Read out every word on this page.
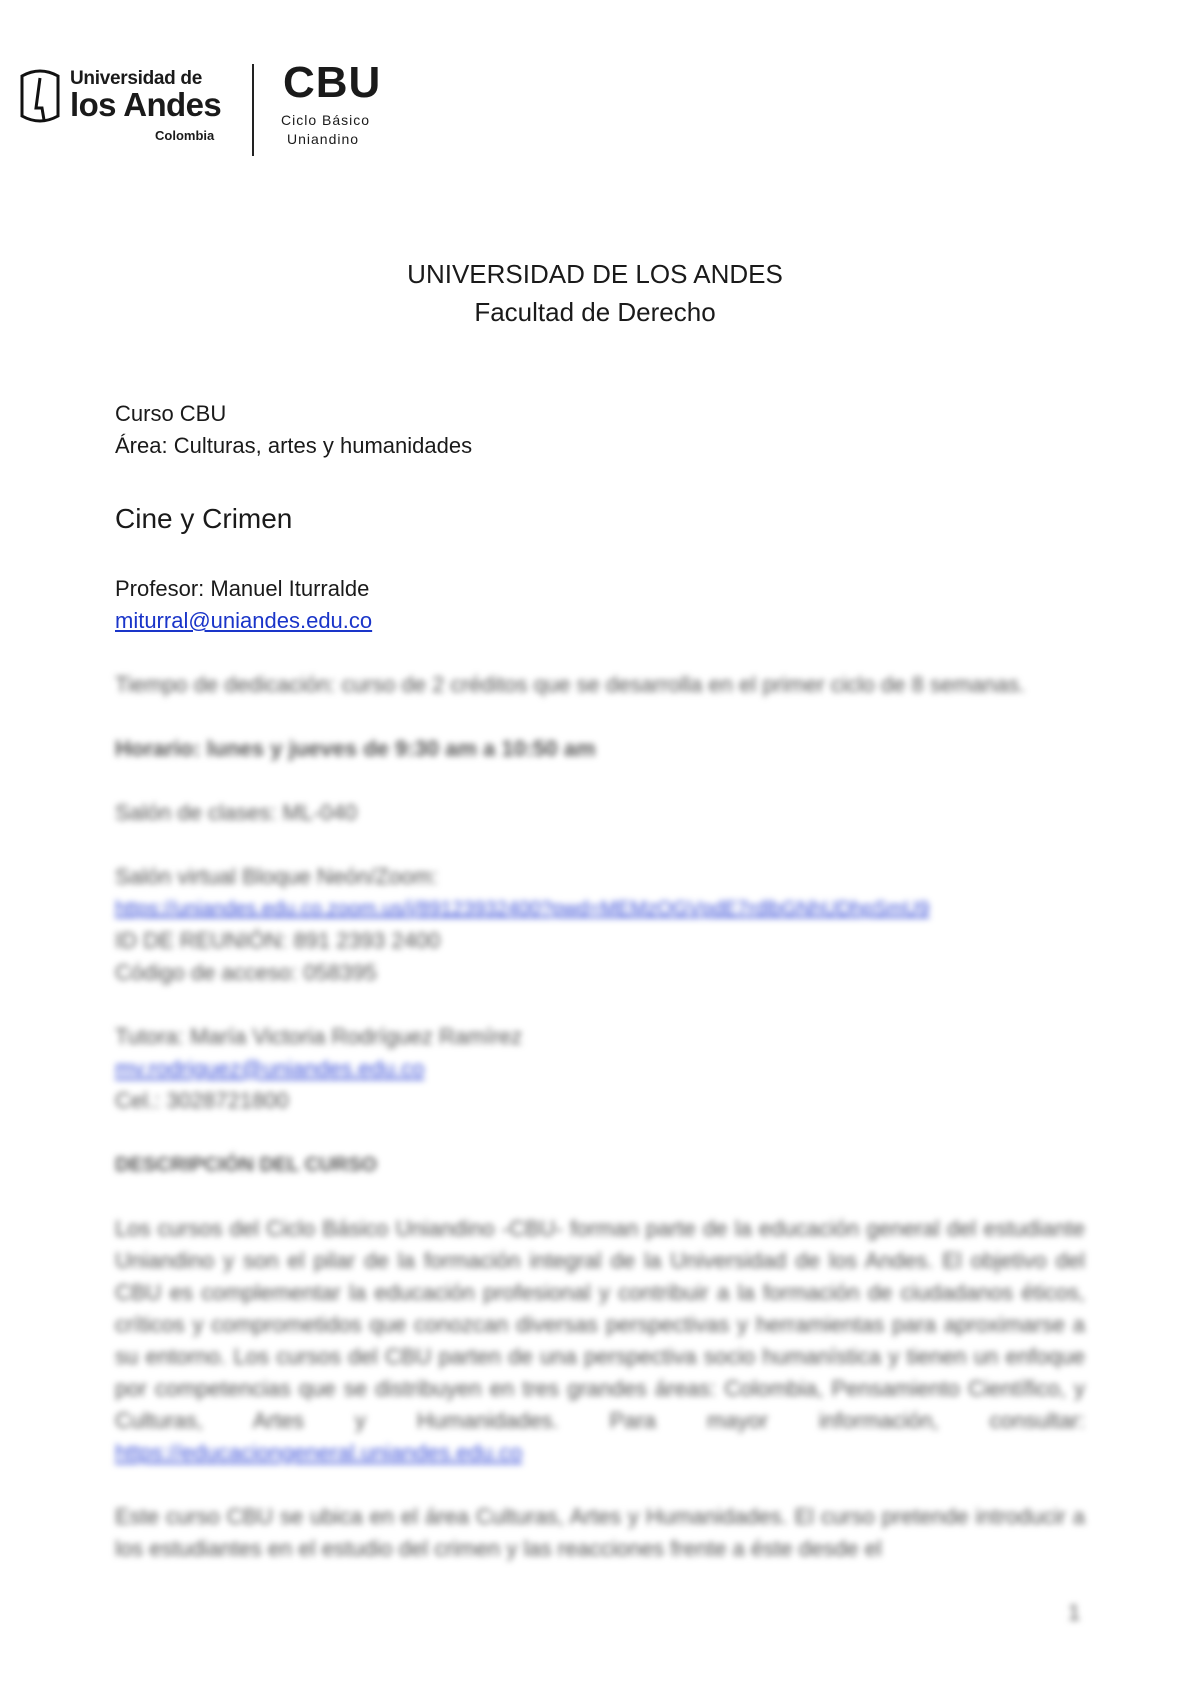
Universidad de
los Andes
Colombia
CBU
Ciclo Básico
Uniandino
UNIVERSIDAD DE LOS ANDES
Facultad de Derecho
Curso CBU
Área: Culturas, artes y humanidades
Cine y Crimen
Profesor: Manuel Iturralde
miturral@uniandes.edu.co
Tiempo de dedicación: curso de 2 créditos que se desarrolla en el primer ciclo de 8 semanas.
Horario: lunes y jueves de 9:30 am a 10:50 am
Salón de clases: ML-040
Salón virtual Bloque Neón/Zoom:
https://uniandes.edu.co.zoom.us/j/89123932400?pwd=MEMzOGVpdE7rdlbGNhUDhpSmU9
ID DE REUNIÓN: 891 2393 2400
Código de acceso: 058395
Tutora: María Victoria Rodríguez Ramírez
mv.rodriguez@uniandes.edu.co
Cel.: 3028721800
DESCRIPCIÓN DEL CURSO
Los cursos del Ciclo Básico Uniandino -CBU- forman parte de la educación general del estudiante Uniandino y son el pilar de la formación integral de la Universidad de los Andes. El objetivo del CBU es complementar la educación profesional y contribuir a la formación de ciudadanos éticos, críticos y comprometidos que conozcan diversas perspectivas y herramientas para aproximarse a su entorno. Los cursos del CBU parten de una perspectiva socio humanística y tienen un enfoque por competencias que se distribuyen en tres grandes áreas: Colombia, Pensamiento Científico, y Culturas, Artes y Humanidades. Para mayor información, consultar: https://educaciongeneral.uniandes.edu.co
Este curso CBU se ubica en el área Culturas, Artes y Humanidades. El curso pretende introducir a los estudiantes en el estudio del crimen y las reacciones frente a éste desde el
1
